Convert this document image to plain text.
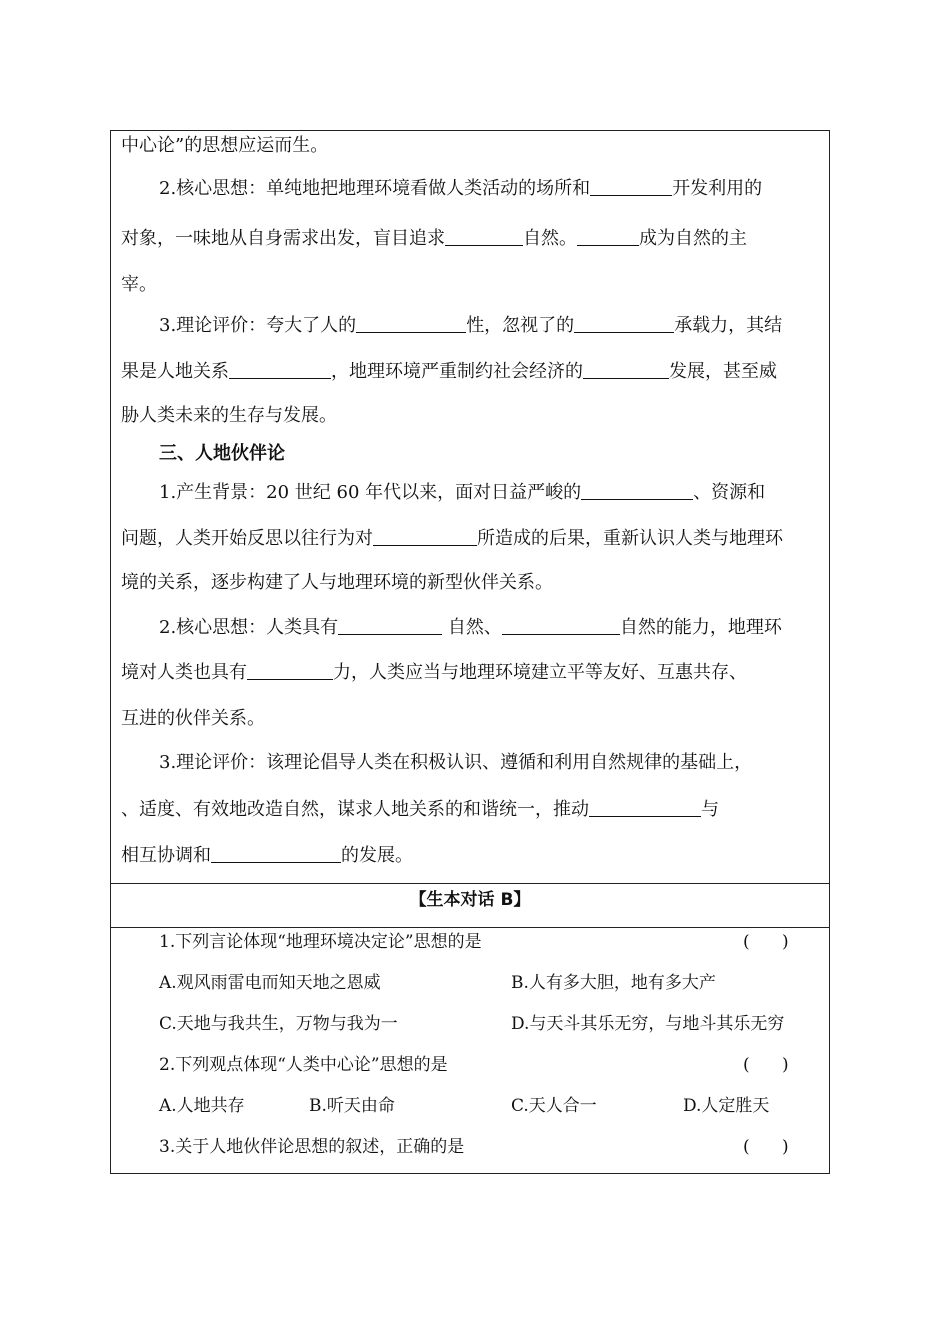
中心论”的思想应运而生。
2.核心思想：单纯地把地理环境看做人类活动的场所和	开发利用的
对象，一味地从自身需求出发，盲目追求	自然。	成为自然的主
宰。
3.理论评价：夸大了人的	性，忽视了的	承载力，其结
果是人地关系	，地理环境严重制约社会经济的	发展，甚至威
胁人类未来的生存与发展。
三、人地伙伴论
1.产生背景：20 世纪 60 年代以来，面对日益严峻的	、资源和
问题，人类开始反思以往行为对	所造成的后果，重新认识人类与地理环
境的关系，逐步构建了人与地理环境的新型伙伴关系。
2.核心思想：人类具有	自然、	自然的能力，地理环
境对人类也具有	力，人类应当与地理环境建立平等友好、互惠共存、
互进的伙伴关系。
3.理论评价：该理论倡导人类在积极认识、遵循和利用自然规律的基础上，
、适度、有效地改造自然，谋求人地关系的和谐统一，推动	与
相互协调和	的发展。
【生本对话 B】
1.下列言论体现“地理环境决定论”思想的是	(      )
A.观风雨雷电而知天地之恩威	B.人有多大胆，地有多大产
C.天地与我共生，万物与我为一	D.与天斗其乐无穷，与地斗其乐无穷
2.下列观点体现“人类中心论”思想的是	(      )
A.人地共存	B.听天由命	C.天人合一	D.人定胜天
3.关于人地伙伴论思想的叙述，正确的是	(      )
